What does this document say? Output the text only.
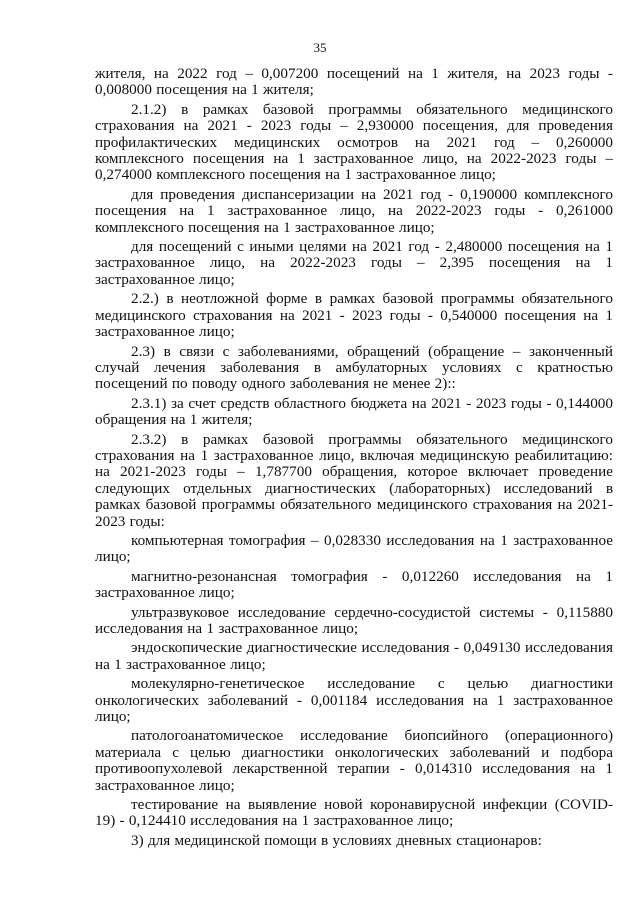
35

жителя, на 2022 год – 0,007200 посещений на 1 жителя, на 2023 годы - 0,008000 посещения на 1 жителя;

2.1.2) в рамках базовой программы обязательного медицинского страхования на 2021 - 2023 годы – 2,930000 посещения, для проведения профилактических медицинских осмотров на 2021 год – 0,260000 комплексного посещения на 1 застрахованное лицо, на 2022-2023 годы – 0,274000 комплексного посещения на 1 застрахованное лицо;

для проведения диспансеризации на 2021 год - 0,190000 комплексного посещения на 1 застрахованное лицо, на 2022-2023 годы - 0,261000 комплексного посещения на 1 застрахованное лицо;

для посещений с иными целями на 2021 год - 2,480000 посещения на 1 застрахованное лицо, на 2022-2023 годы – 2,395 посещения на 1 застрахованное лицо;

2.2.) в неотложной форме в рамках базовой программы обязательного медицинского страхования на 2021 - 2023 годы - 0,540000 посещения на 1 застрахованное лицо;

2.3) в связи с заболеваниями, обращений (обращение – законченный случай лечения заболевания в амбулаторных условиях с кратностью посещений по поводу одного заболевания не менее 2)::

2.3.1) за счет средств областного бюджета на 2021 - 2023 годы - 0,144000 обращения на 1 жителя;

2.3.2) в рамках базовой программы обязательного медицинского страхования на 1 застрахованное лицо, включая медицинскую реабилитацию: на 2021-2023 годы – 1,787700 обращения, которое включает проведение следующих отдельных диагностических (лабораторных) исследований в рамках базовой программы обязательного медицинского страхования на 2021-2023 годы:

компьютерная томография – 0,028330 исследования на 1 застрахованное лицо;

магнитно-резонансная томография - 0,012260 исследования на 1 застрахованное лицо;

ультразвуковое исследование сердечно-сосудистой системы - 0,115880 исследования на 1 застрахованное лицо;

эндоскопические диагностические исследования - 0,049130 исследования на 1 застрахованное лицо;

молекулярно-генетическое исследование с целью диагностики онкологических заболеваний - 0,001184 исследования на 1 застрахованное лицо;

патологоанатомическое исследование биопсийного (операционного) материала с целью диагностики онкологических заболеваний и подбора противоопухолевой лекарственной терапии - 0,014310 исследования на 1 застрахованное лицо;

тестирование на выявление новой коронавирусной инфекции (COVID-19) - 0,124410 исследования на 1 застрахованное лицо;

3) для медицинской помощи в условиях дневных стационаров:
